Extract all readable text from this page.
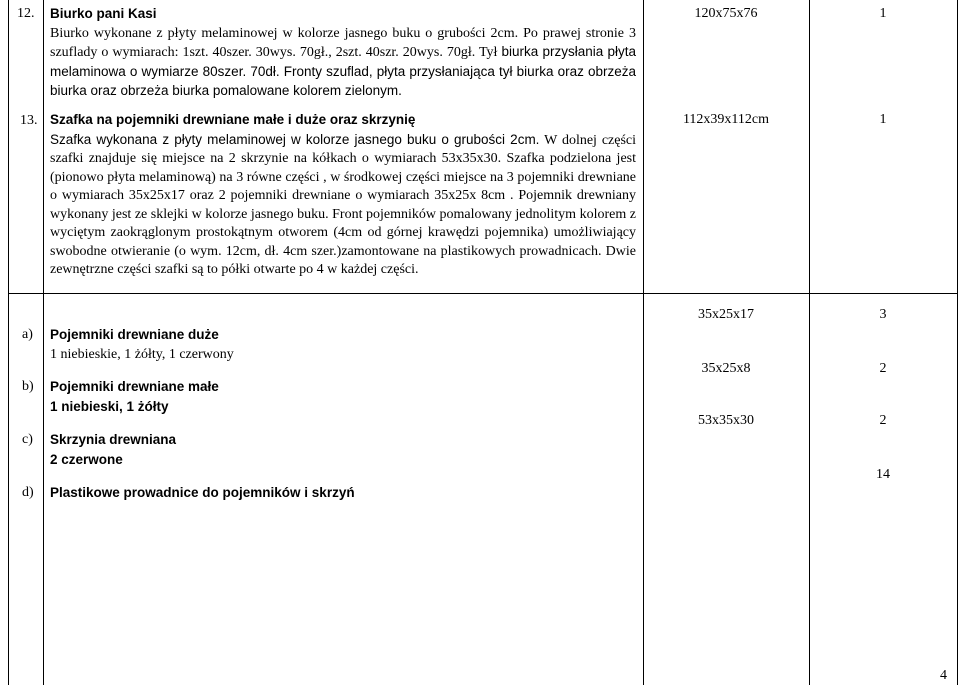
12. Biurko pani Kasi
Biurko wykonane z płyty melaminowej w kolorze jasnego buku o grubości 2cm. Po prawej stronie 3 szuflady o wymiarach: 1szt. 40szer. 30wys. 70gł., 2szt. 40szr. 20wys. 70gł. Tył biurka przysłania płyta melaminowa o wymiarze 80szer. 70dł. Fronty szuflad, płyta przysłaniająca tył biurka oraz obrzeża biurka oraz obrzeża biurka pomalowane kolorem zielonym.
120x75x76	1
13. Szafka na pojemniki drewniane małe i duże oraz skrzynię
Szafka wykonana z płyty melaminowej w kolorze jasnego buku o grubości 2cm. W dolnej części szafki znajduje się miejsce na 2 skrzynie na kółkach o wymiarach 53x35x30. Szafka podzielona jest (pionowo płyta melaminową) na 3 równe części , w środkowej części miejsce na 3 pojemniki drewniane o wymiarach 35x25x17 oraz 2 pojemniki drewniane o wymiarach 35x25x 8cm . Pojemnik drewniany wykonany jest ze sklejki w kolorze jasnego buku. Front pojemników pomalowany jednolitym kolorem z wyciętym zaokrąglonym prostokątnym otworem (4cm od górnej krawędzi pojemnika) umożliwiający swobodne otwieranie (o wym. 12cm, dł. 4cm szer.)zamontowane na plastikowych prowadnicach. Dwie zewnętrzne części szafki są to półki otwarte po 4 w każdej części.
112x39x112cm	1
a) Pojemniki drewniane duże
1 niebieskie, 1 żółty, 1 czerwony
35x25x17	3
b) Pojemniki drewniane małe
1 niebieski, 1 żółty
35x25x8	2
c) Skrzynia drewniana
2 czerwone
53x35x30	2
d) Plastikowe prowadnice do pojemników i skrzyń
14
4
